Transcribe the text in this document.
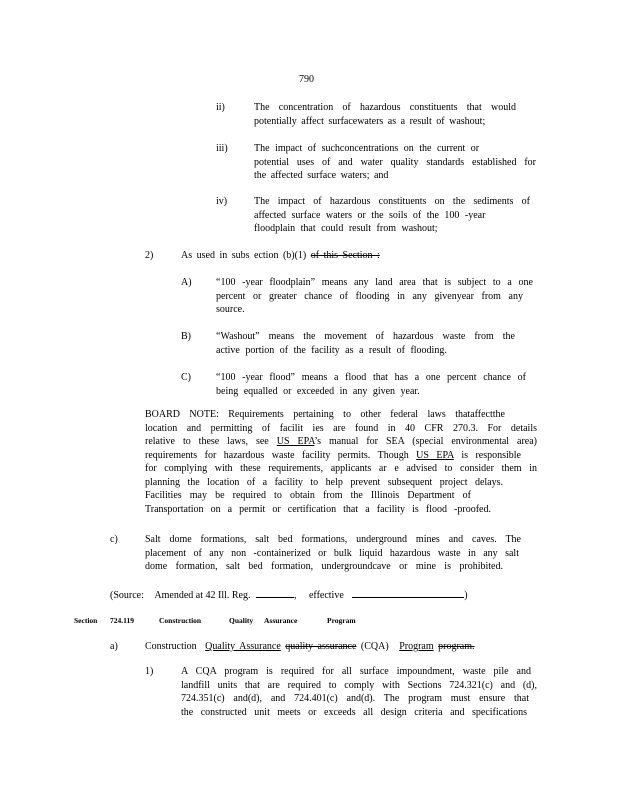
790
ii)	The concentration of hazardous constituents that would
potentially affect surfacewaters as a result of washout;
iii)	The impact of suchconcentrations on the current or
potential uses of and water quality standards established for
the affected surface waters; and
iv)	The impact of hazardous constituents on the sediments of
affected surface waters or the soils of the 100 -year
floodplain that could result from washout;
2)	As used in subs ection (b)(1) of this Section :
A) “100 -year floodplain” means any land area that is subject to a one
percent or greater chance of flooding in any givenyear from any
source.
B)	“Washout” means the movement of hazardous waste from the
active portion of the facility as a result of flooding.
C)	“100 -year flood” means a flood that has a one percent chance of
being equalled or exceeded in any given year.
BOARD NOTE: Requirements pertaining to other federal laws thataffectthe
location and permitting of facilit ies are found in 40 CFR 270.3. For details
relative to these laws, see US EPA’s manual for SEA (special environmental area)
requirements for hazardous waste facility permits. Though US EPA is responsible
for complying with these requirements, applicants ar e advised to consider them in
planning the location of a facility to help prevent subsequent project delays.
Facilities may be required to obtain from the Illinois Department of
Transportation on a permit or certification that a facility is flood -proofed.
c)	Salt dome formations, salt bed formations, underground mines and caves. The
placement of any non -containerized or bulk liquid hazardous waste in any salt
dome formation, salt bed formation, undergroundcave or mine is prohibited.
(Source: Amended at 42 Ill. Reg.	, effective	)
Section 724.119	Construction	Quality Assurance	Program
a)	Construction Quality Assurance quality assurance (CQA) Program program.
1)	A CQA program is required for all surface impoundment, waste pile and
landfill units that are required to comply with Sections 724.321(c) and (d),
724.351(c) and(d), and 724.401(c) and(d). The program must ensure that
the constructed unit meets or exceeds all design criteria and specifications
